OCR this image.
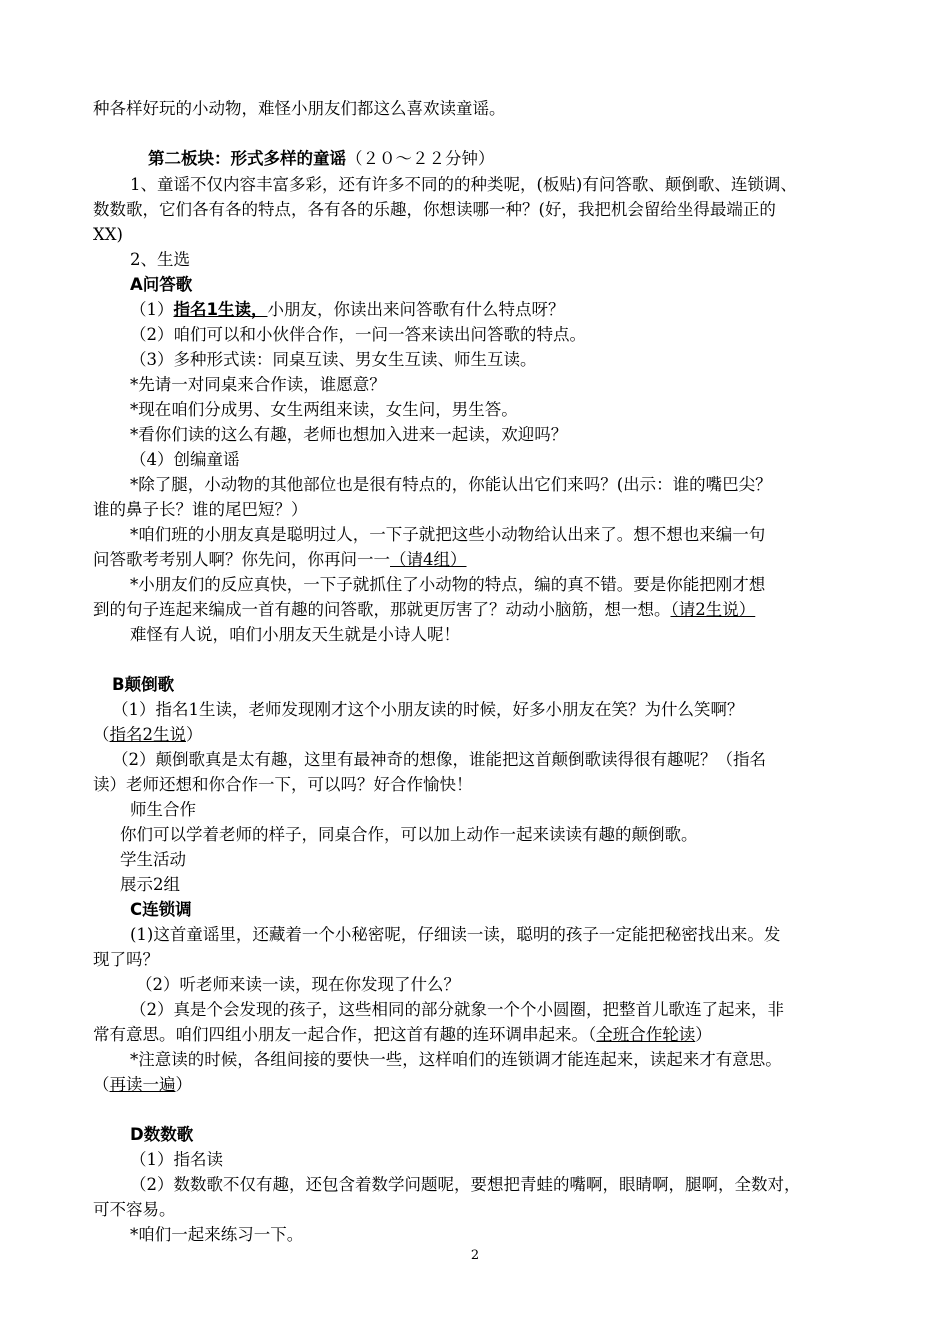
种各样好玩的小动物，难怪小朋友们都这么喜欢读童谣。
第二板块：形式多样的童谣（２０～２２分钟）
1、童谣不仅内容丰富多彩，还有许多不同的的种类呢，(板贴)有问答歌、颠倒歌、连锁调、
数数歌，它们各有各的特点，各有各的乐趣，你想读哪一种？(好，我把机会留给坐得最端正的
XX)
2、生选
A问答歌
（1）指名1生读，小朋友，你读出来问答歌有什么特点呀？
（2）咱们可以和小伙伴合作，一问一答来读出问答歌的特点。
（3）多种形式读：同桌互读、男女生互读、师生互读。
*先请一对同桌来合作读，谁愿意？
*现在咱们分成男、女生两组来读，女生问，男生答。
*看你们读的这么有趣，老师也想加入进来一起读，欢迎吗？
（4）创编童谣
*除了腿，小动物的其他部位也是很有特点的，你能认出它们来吗？(出示：谁的嘴巴尖？
谁的鼻子长？谁的尾巴短？）
*咱们班的小朋友真是聪明过人，一下子就把这些小动物给认出来了。想不想也来编一句
问答歌考考别人啊？你先问，你再问一一（请4组）
*小朋友们的反应真快，一下子就抓住了小动物的特点，编的真不错。要是你能把刚才想
到的句子连起来编成一首有趣的问答歌，那就更厉害了？动动小脑筋，想一想。（请2生说）
难怪有人说，咱们小朋友天生就是小诗人呢！
B颠倒歌
（1）指名1生读，老师发现刚才这个小朋友读的时候，好多小朋友在笑？为什么笑啊？
（指名2生说）
（2）颠倒歌真是太有趣，这里有最神奇的想像，谁能把这首颠倒歌读得很有趣呢？（指名
读）老师还想和你合作一下，可以吗？好合作愉快！
师生合作
你们可以学着老师的样子，同桌合作，可以加上动作一起来读读有趣的颠倒歌。
学生活动
展示2组
C连锁调
(1)这首童谣里，还藏着一个小秘密呢，仔细读一读，聪明的孩子一定能把秘密找出来。发
现了吗？
（2）听老师来读一读，现在你发现了什么？
（2）真是个会发现的孩子，这些相同的部分就象一个个小圆圈，把整首儿歌连了起来，非
常有意思。咱们四组小朋友一起合作，把这首有趣的连环调串起来。（全班合作轮读）
*注意读的时候，各组间接的要快一些，这样咱们的连锁调才能连起来，读起来才有意思。
（再读一遍）
D数数歌
（1）指名读
（2）数数歌不仅有趣，还包含着数学问题呢，要想把青蛙的嘴啊，眼睛啊，腿啊，全数对，
可不容易。
*咱们一起来练习一下。
2
